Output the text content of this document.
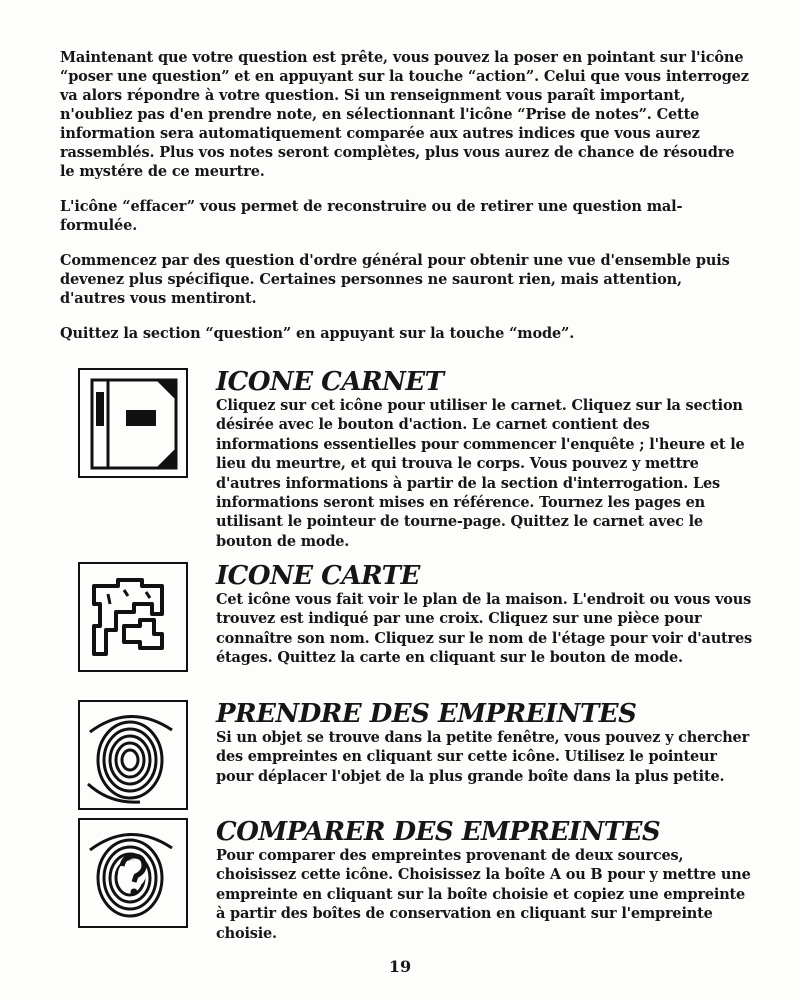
Maintenant que votre question est prête, vous pouvez la poser en pointant sur l'icône “poser une question” et en appuyant sur la touche “action”. Celui que vous interrogez va alors répondre à votre question. Si un renseignment vous paraît important, n'oubliez pas d'en prendre note, en sélectionnant l'icône “Prise de notes”. Cette information sera automatiquement comparée aux autres indices que vous aurez rassemblés. Plus vos notes seront complètes, plus vous aurez de chance de résoudre le mystére de ce meurtre.

L'icône “effacer” vous permet de reconstruire ou de retirer une question mal-formulée.

Commencez par des question d'ordre général pour obtenir une vue d'ensemble puis devenez plus spécifique. Certaines personnes ne sauront rien, mais attention, d'autres vous mentiront.

Quittez la section “question” en appuyant sur la touche “mode”.

ICONE CARNET

Cliquez sur cet icône pour utiliser le carnet. Cliquez sur la section désirée avec le bouton d'action. Le carnet contient des informations essentielles pour commencer l'enquête ; l'heure et le lieu du meurtre, et qui trouva le corps. Vous pouvez y mettre d'autres informations à partir de la section d'interrogation. Les informations seront mises en référence. Tournez les pages en utilisant le pointeur de tourne-page. Quittez le carnet avec le bouton de mode.

ICONE CARTE

Cet icône vous fait voir le plan de la maison. L'endroit ou vous vous trouvez est indiqué par une croix. Cliquez sur une pièce pour connaître son nom. Cliquez sur le nom de l'étage pour voir d'autres étages. Quittez la carte en cliquant sur le bouton de mode.

PRENDRE DES EMPREINTES

Si un objet se trouve dans la petite fenêtre, vous pouvez y chercher des empreintes en cliquant sur cette icône. Utilisez le pointeur pour déplacer l'objet de la plus grande boîte dans la plus petite.

COMPARER DES EMPREINTES

Pour comparer des empreintes provenant de deux sources, choisissez cette icône. Choisissez la boîte A ou B pour y mettre une empreinte en cliquant sur la boîte choisie et copiez une empreinte à partir des boîtes de conservation en cliquant sur l'empreinte choisie.

19
